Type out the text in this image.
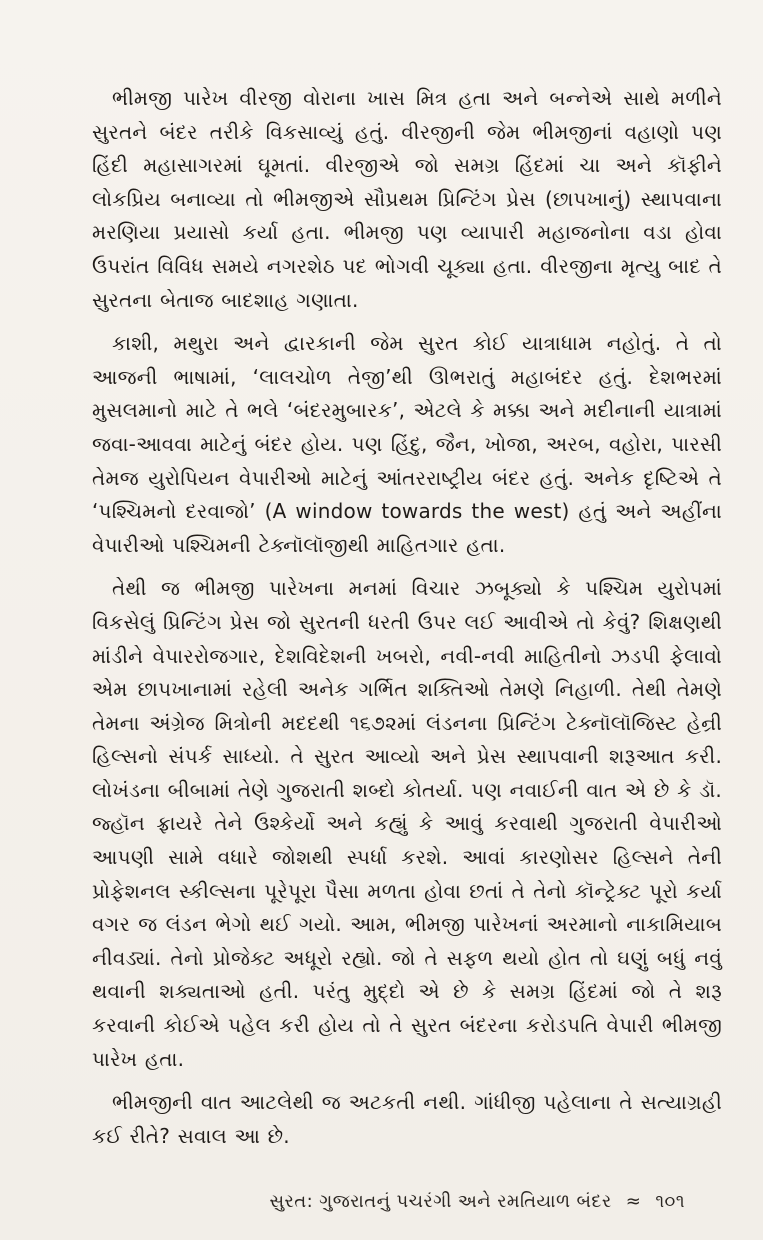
ભીમજી પારેખ વીરજી વોરાના ખાસ મિત્ર હતા અને બન્નેએ સાથે મળીને સુરતને બંદર તરીકે વિકસાવ્યું હતું. વીરજીની જેમ ભીમજીનાં વહાણો પણ હિંદી મહાસાગરમાં ઘૂમતાં. વીરજીએ જો સમગ્ર હિંદમાં ચા અને કૉફીને લોકપ્રિય બનાવ્યા તો ભીમજીએ સૌપ્રથમ પ્રિન્ટિંગ પ્રેસ (છાપખાનું) સ્થાપવાના મરણિયા પ્રયાસો કર્યા હતા. ભીમજી પણ વ્યાપારી મહાજનોના વડા હોવા ઉપરાંત વિવિધ સમયે નગરશેઠ પદ ભોગવી ચૂક્યા હતા. વીરજીના મૃત્યુ બાદ તે સુરતના બેતાજ બાદશાહ ગણાતા.

કાશી, મથુરા અને દ્વારકાની જેમ સુરત કોઈ યાત્રાધામ નહોતું. તે તો આજની ભાષામાં, ‘લાલચોળ તેજી’થી ઊભરાતું મહાબંદર હતું. દેશભરમાં મુસલમાનો માટે તે ભલે ‘બંદરમુબારક’, એટલે કે મક્કા અને મદીનાની યાત્રામાં જવા-આવવા માટેનું બંદર હોય. પણ હિંદુ, જૈન, ખોજા, અરબ, વહોરા, પારસી તેમજ યુરોપિયન વેપારીઓ માટેનું આંતરરાષ્ટ્રીય બંદર હતું. અનેક દૃષ્ટિએ તે ‘પશ્ચિમનો દરવાજો’ (A window towards the west) હતું અને અહીંના વેપારીઓ પશ્ચિમની ટેક્નૉલૉજીથી માહિતગાર હતા.

તેથી જ ભીમજી પારેખના મનમાં વિચાર ઝબૂક્યો કે પશ્ચિમ યુરોપમાં વિકસેલું પ્રિન્ટિંગ પ્રેસ જો સુરતની ધરતી ઉપર લઈ આવીએ તો કેવું? શિક્ષણથી માંડીને વેપારરોજગાર, દેશવિદેશની ખબરો, નવી-નવી માહિતીનો ઝડપી ફેલાવો એમ છાપખાનામાં રહેલી અનેક ગર્ભિત શક્તિઓ તેમણે નિહાળી. તેથી તેમણે તેમના અંગ્રેજ મિત્રોની મદદથી ૧૬૭૨માં લંડનના પ્રિન્ટિંગ ટેક્નૉલૉજિસ્ટ હેન્રી હિલ્સનો સંપર્ક સાધ્યો. તે સુરત આવ્યો અને પ્રેસ સ્થાપવાની શરૂઆત કરી. લોખંડના બીબામાં તેણે ગુજરાતી શબ્દો કોતર્યા. પણ નવાઈની વાત એ છે કે ડૉ. જ્હૉન ફ્રાયરે તેને ઉશ્કેર્યો અને કહ્યું કે આવું કરવાથી ગુજરાતી વેપારીઓ આપણી સામે વધારે જોશથી સ્પર્ધા કરશે. આવાં કારણોસર હિલ્સને તેની પ્રોફેશનલ સ્કીલ્સના પૂરેપૂરા પૈસા મળતા હોવા છતાં તે તેનો કૉન્ટ્રેક્ટ પૂરો કર્યા વગર જ લંડન ભેગો થઈ ગયો. આમ, ભીમજી પારેખનાં અરમાનો નાકામિયાબ નીવડ્યાં. તેનો પ્રોજેક્ટ અધૂરો રહ્યો. જો તે સફળ થયો હોત તો ઘણું બધું નવું થવાની શક્યતાઓ હતી. પરંતુ મુદ્દો એ છે કે સમગ્ર હિંદમાં જો તે શરૂ કરવાની કોઈએ પહેલ કરી હોય તો તે સુરત બંદરના કરોડપતિ વેપારી ભીમજી પારેખ હતા.

ભીમજીની વાત આટલેથી જ અટકતી નથી. ગાંધીજી પહેલાના તે સત્યાગ્રહી કઈ રીતે? સવાલ આ છે.

સુરત: ગુજરાતનું પચરંગી અને રમતિયાળ બંદર ≈ ૧૦૧
